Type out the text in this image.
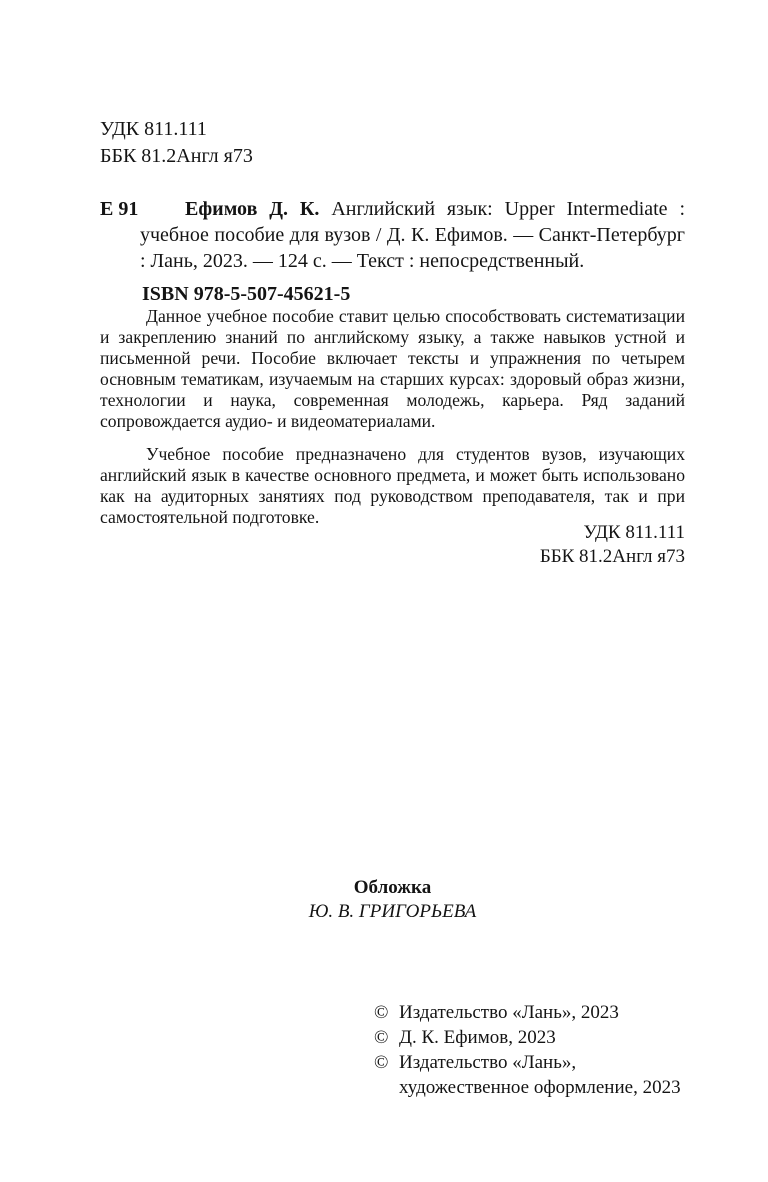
УДК 811.111
ББК 81.2Англ я73
Е 91	Ефимов Д. К. Английский язык: Upper Intermediate : учебное пособие для вузов / Д. К. Ефимов. — Санкт-Петербург : Лань, 2023. — 124 с. — Текст : непосредственный.

ISBN 978-5-507-45621-5

Данное учебное пособие ставит целью способствовать систематизации и закреплению знаний по английскому языку, а также навыков устной и письменной речи. Пособие включает тексты и упражнения по четырем основным тематикам, изучаемым на старших курсах: здоровый образ жизни, технологии и наука, современная молодежь, карьера. Ряд заданий сопровождается аудио- и видеоматериалами.

Учебное пособие предназначено для студентов вузов, изучающих английский язык в качестве основного предмета, и может быть использовано как на аудиторных занятиях под руководством преподавателя, так и при самостоятельной подготовке.

УДК 811.111
ББК 81.2Англ я73
Обложка
Ю. В. ГРИГОРЬЕВА
© Издательство «Лань», 2023
© Д. К. Ефимов, 2023
© Издательство «Лань»,
художественное оформление, 2023
